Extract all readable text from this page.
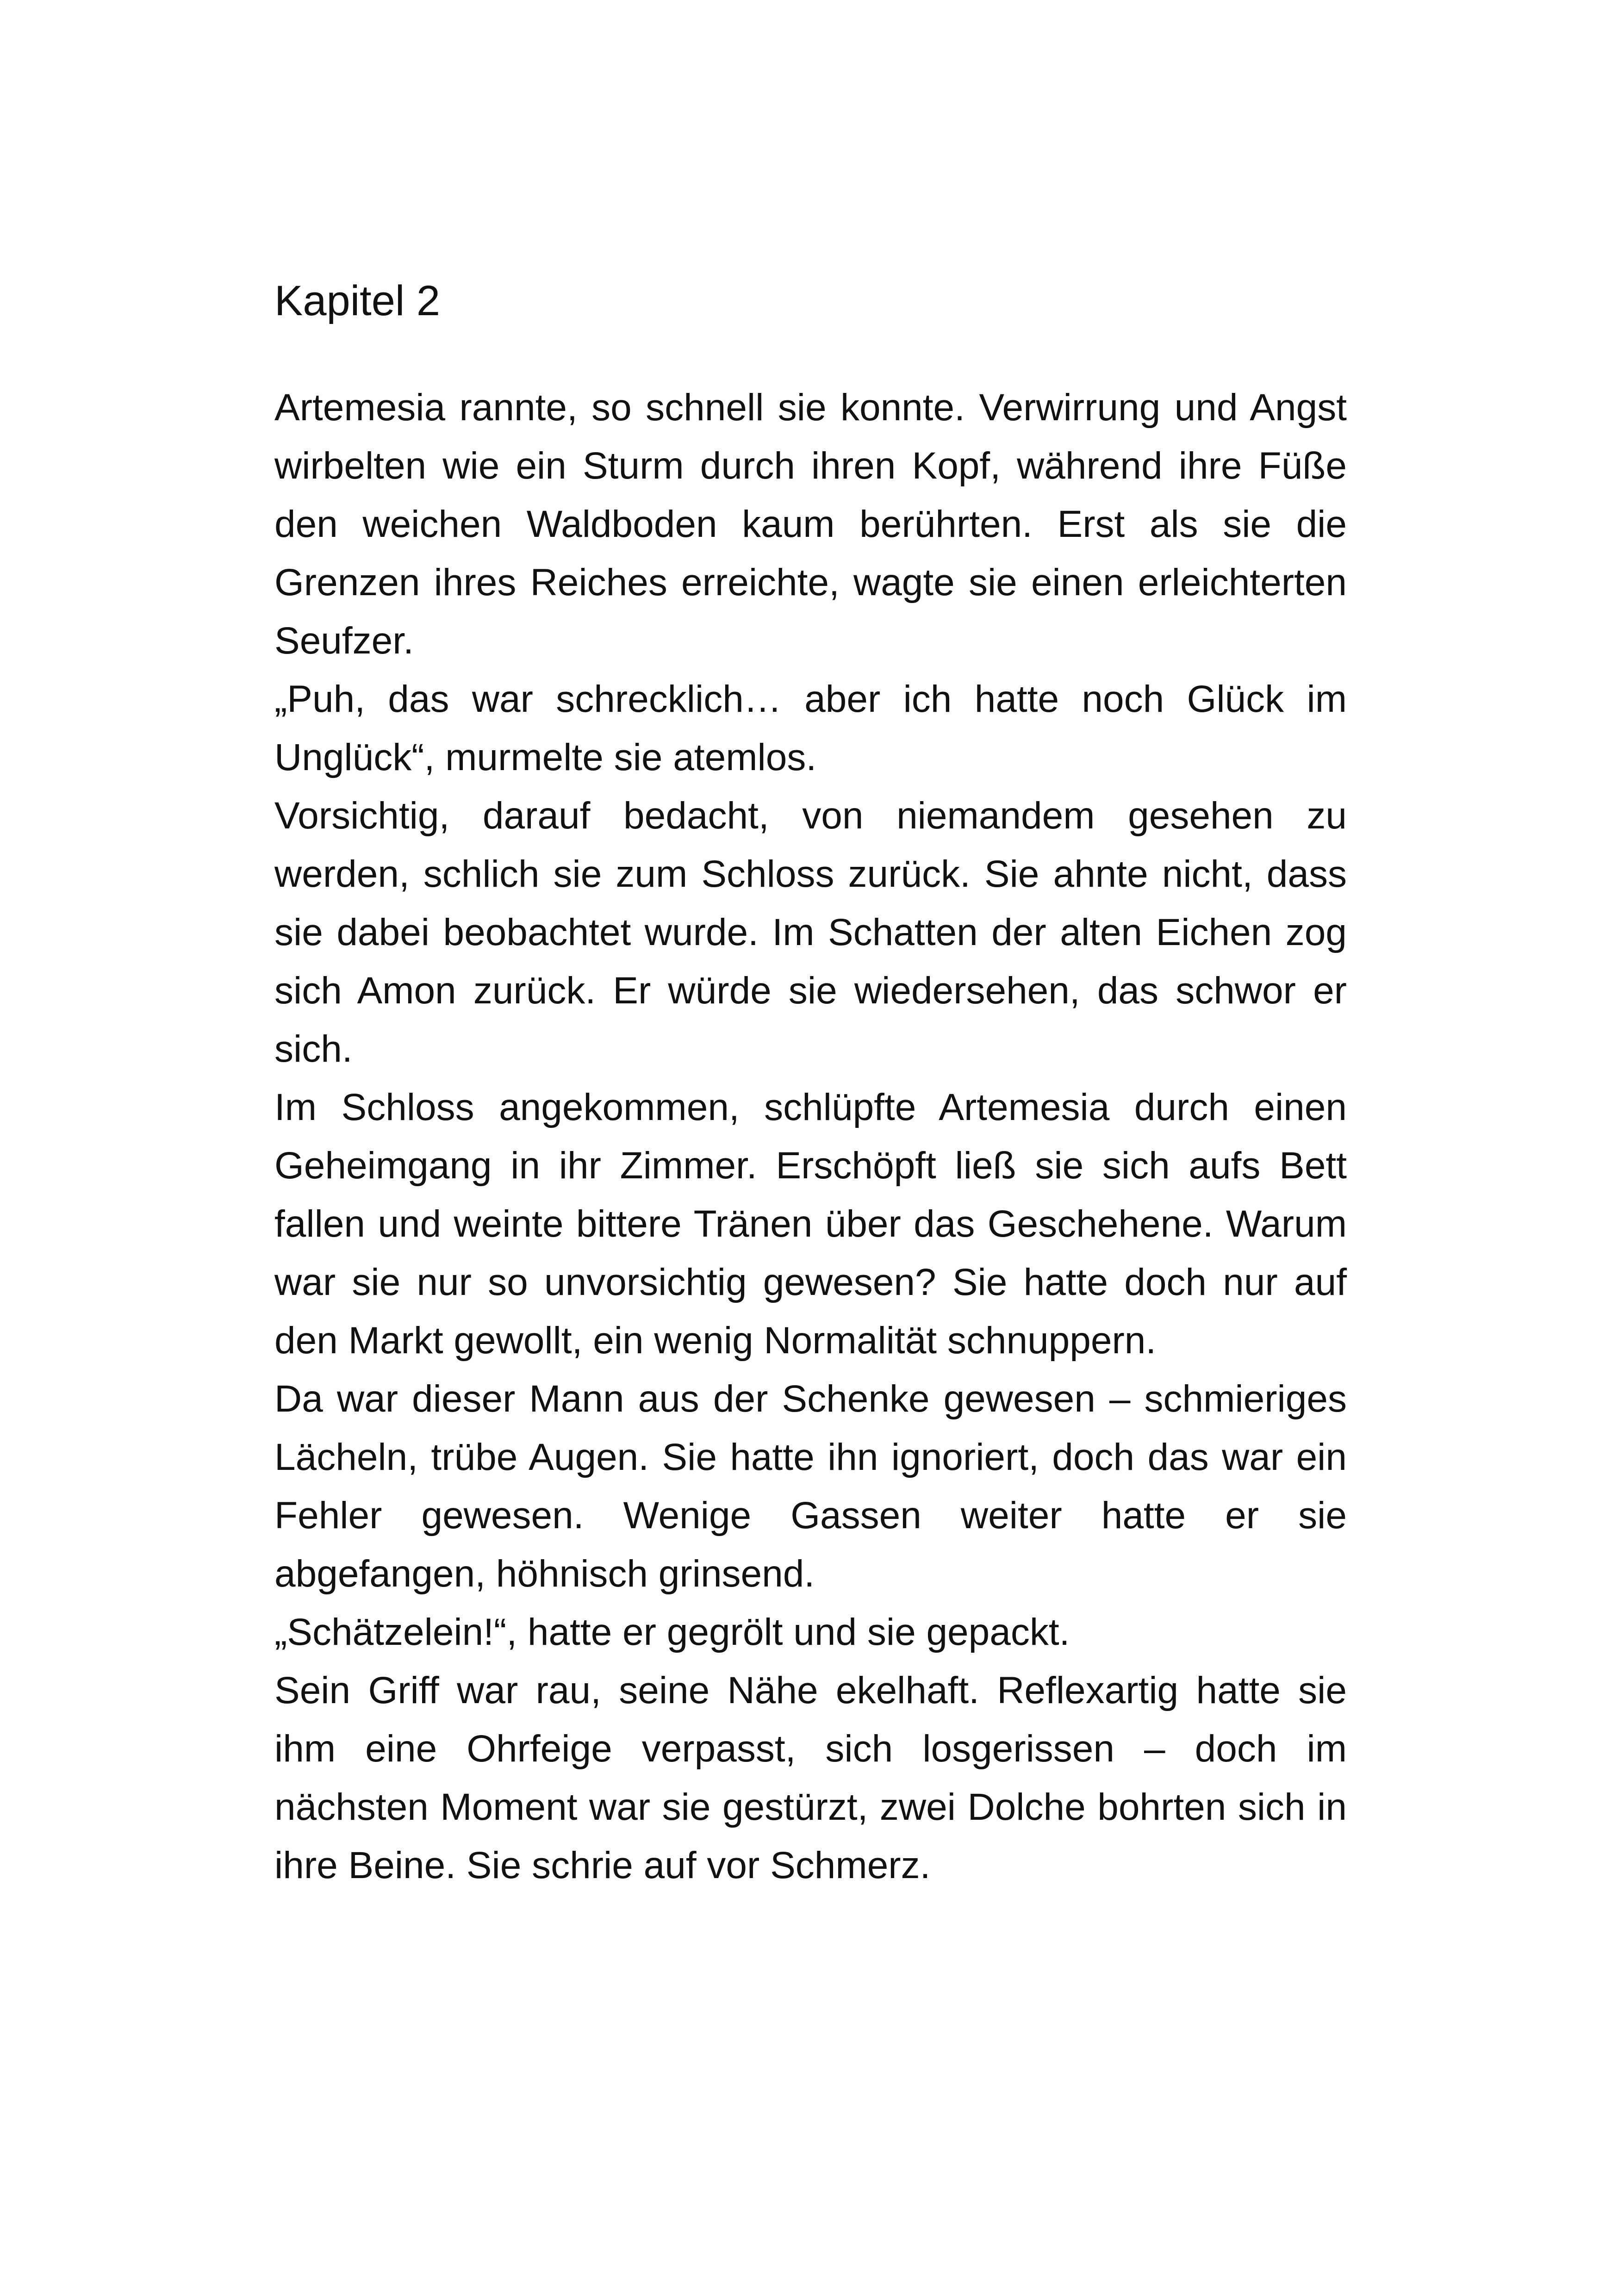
Kapitel 2

Artemesia rannte, so schnell sie konnte. Verwirrung und Angst wirbelten wie ein Sturm durch ihren Kopf, während ihre Füße den weichen Waldboden kaum berührten. Erst als sie die Grenzen ihres Reiches erreichte, wagte sie einen erleichterten Seufzer.

„Puh, das war schrecklich… aber ich hatte noch Glück im Unglück“, murmelte sie atemlos.

Vorsichtig, darauf bedacht, von niemandem gesehen zu werden, schlich sie zum Schloss zurück. Sie ahnte nicht, dass sie dabei beobachtet wurde. Im Schatten der alten Eichen zog sich Amon zurück. Er würde sie wiedersehen, das schwor er sich.

Im Schloss angekommen, schlüpfte Artemesia durch einen Geheimgang in ihr Zimmer. Erschöpft ließ sie sich aufs Bett fallen und weinte bittere Tränen über das Geschehene. Warum war sie nur so unvorsichtig gewesen? Sie hatte doch nur auf den Markt gewollt, ein wenig Normalität schnuppern.

Da war dieser Mann aus der Schenke gewesen – schmieriges Lächeln, trübe Augen. Sie hatte ihn ignoriert, doch das war ein Fehler gewesen. Wenige Gassen weiter hatte er sie abgefangen, höhnisch grinsend.

„Schätzelein!“, hatte er gegrölt und sie gepackt.

Sein Griff war rau, seine Nähe ekelhaft. Reflexartig hatte sie ihm eine Ohrfeige verpasst, sich losgerissen – doch im nächsten Moment war sie gestürzt, zwei Dolche bohrten sich in ihre Beine. Sie schrie auf vor Schmerz.
